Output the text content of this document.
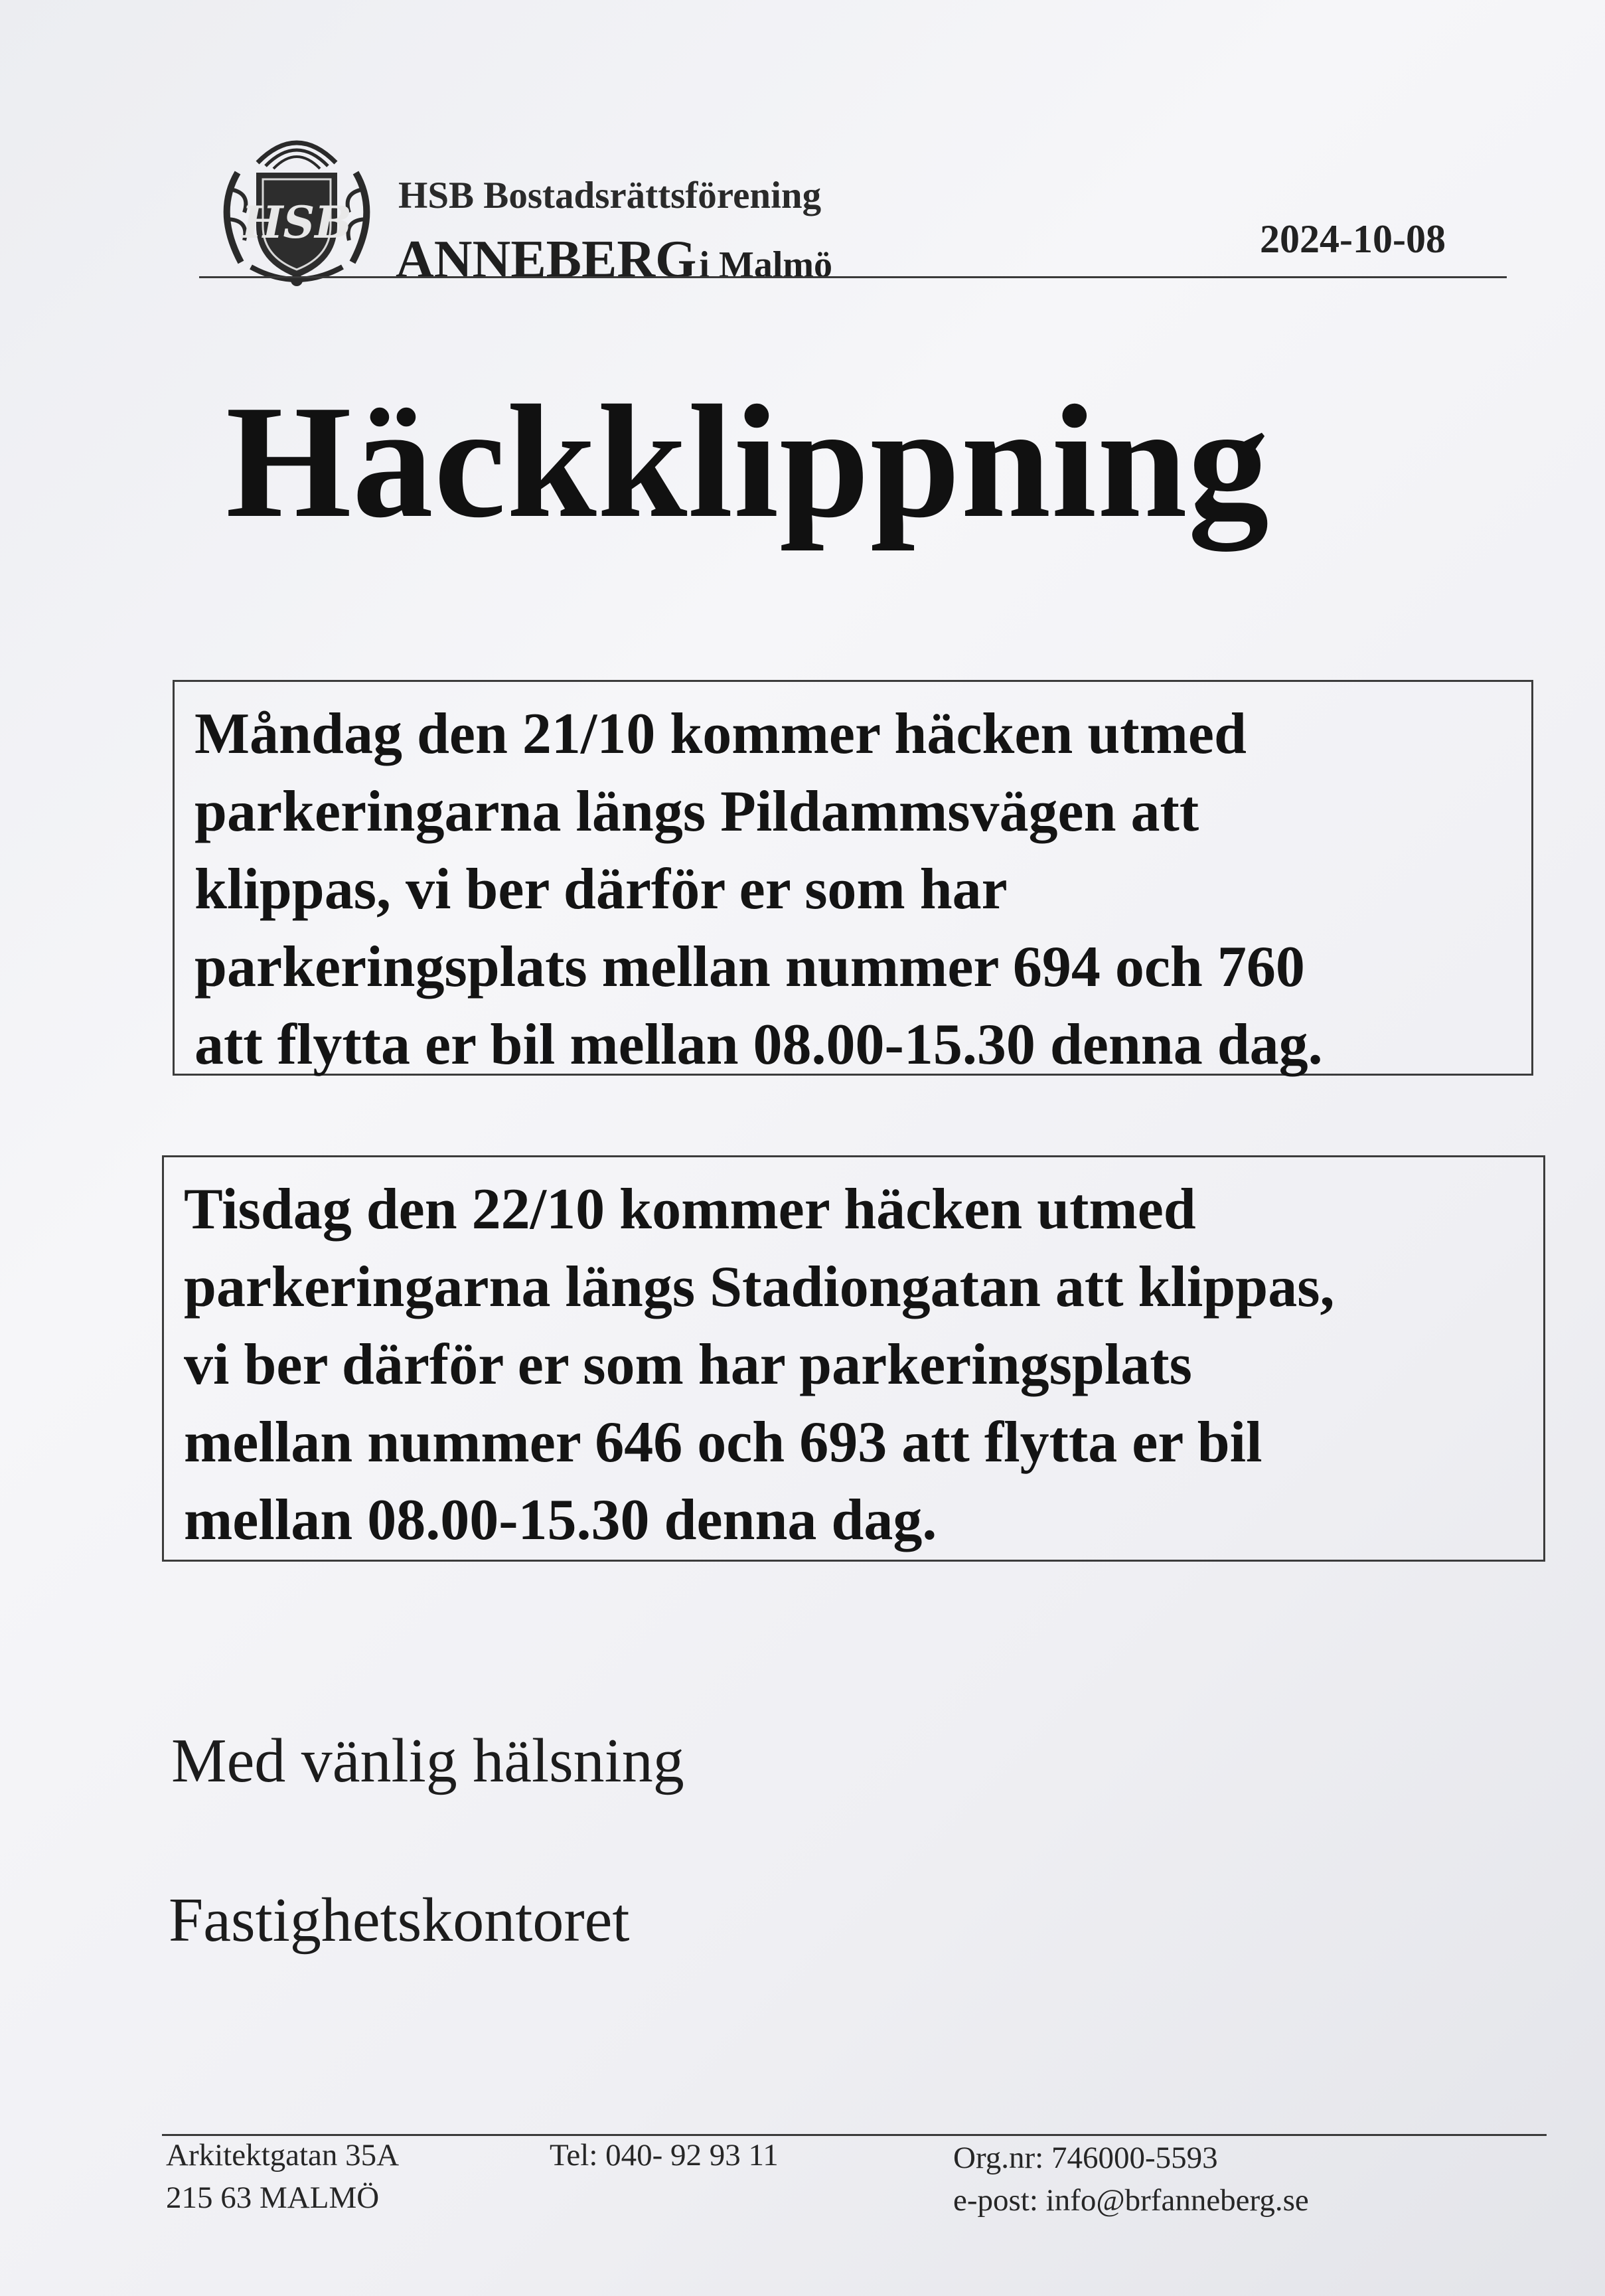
HSB
HSB Bostadsrättsförening
ANNEBERG i Malmö
2024-10-08
Häckklippning
Måndag den 21/10 kommer häcken utmed
parkeringarna längs Pildammsvägen att
klippas, vi ber därför er som har
parkeringsplats mellan nummer 694 och 760
att flytta er bil mellan 08.00-15.30 denna dag.
Tisdag den 22/10 kommer häcken utmed
parkeringarna längs Stadiongatan att klippas,
vi ber därför er som har parkeringsplats
mellan nummer 646 och 693 att flytta er bil
mellan 08.00-15.30 denna dag.
Med vänlig hälsning
Fastighetskontoret
Arkitektgatan 35A
215 63 MALMÖ
Tel: 040- 92 93 11	Org.nr: 746000-5593
e-post: info@brfanneberg.se
